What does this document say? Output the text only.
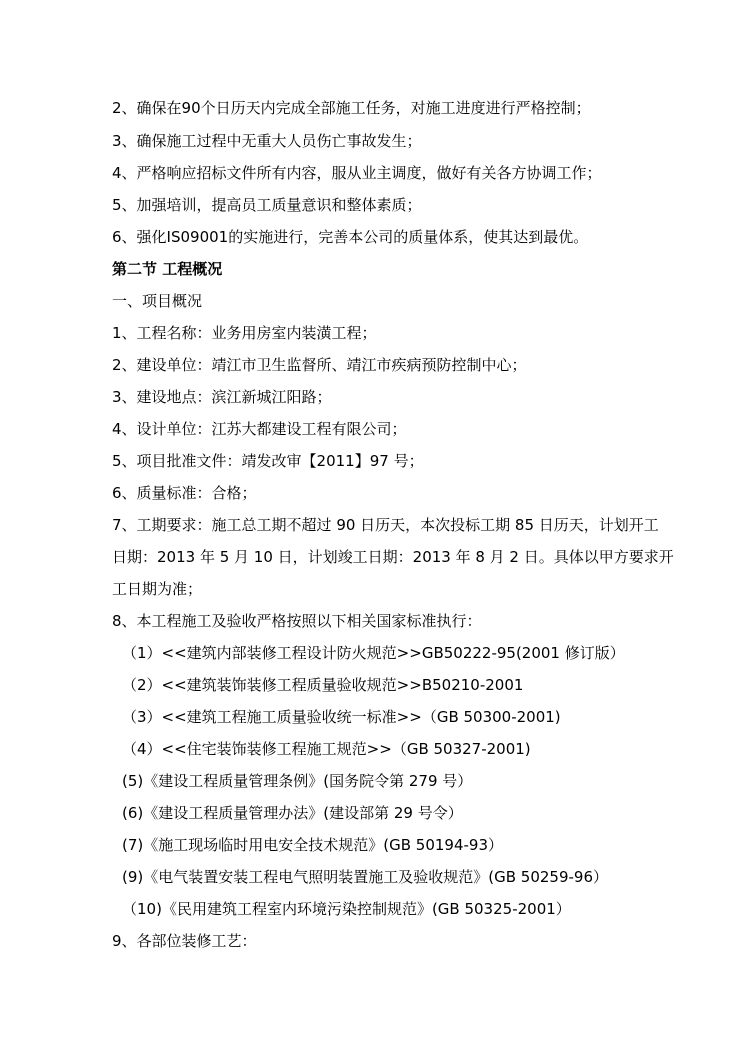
2、确保在90个日历天内完成全部施工任务，对施工进度进行严格控制；
3、确保施工过程中无重大人员伤亡事故发生；
4、严格响应招标文件所有内容，服从业主调度，做好有关各方协调工作；
5、加强培训，提高员工质量意识和整体素质；
6、强化IS09001的实施进行，完善本公司的质量体系，使其达到最优。
第二节 工程概况
一、项目概况
1、工程名称：业务用房室内装潢工程；
2、建设单位：靖江市卫生监督所、靖江市疾病预防控制中心；
3、建设地点：滨江新城江阳路；
4、设计单位：江苏大都建设工程有限公司；
5、项目批准文件：靖发改审【2011】97 号；
6、质量标准：合格；
7、工期要求：施工总工期不超过 90 日历天，本次投标工期 85 日历天，计划开工
日期：2013 年 5 月 10 日，计划竣工日期：2013 年 8 月 2 日。具体以甲方要求开
工日期为准；
8、本工程施工及验收严格按照以下相关国家标准执行：
（1）<<建筑内部装修工程设计防火规范>>GB50222-95(2001 修订版）
（2）<<建筑装饰装修工程质量验收规范>>B50210-2001
（3）<<建筑工程施工质量验收统一标准>>（GB 50300-2001)
（4）<<住宅装饰装修工程施工规范>>（GB 50327-2001)
(5)《建设工程质量管理条例》(国务院令第 279 号）
(6)《建设工程质量管理办法》(建设部第 29 号令）
(7)《施工现场临时用电安全技术规范》(GB 50194-93）
(9)《电气装置安装工程电气照明装置施工及验收规范》(GB 50259-96）
（10)《民用建筑工程室内环境污染控制规范》(GB 50325-2001）
9、各部位装修工艺：
